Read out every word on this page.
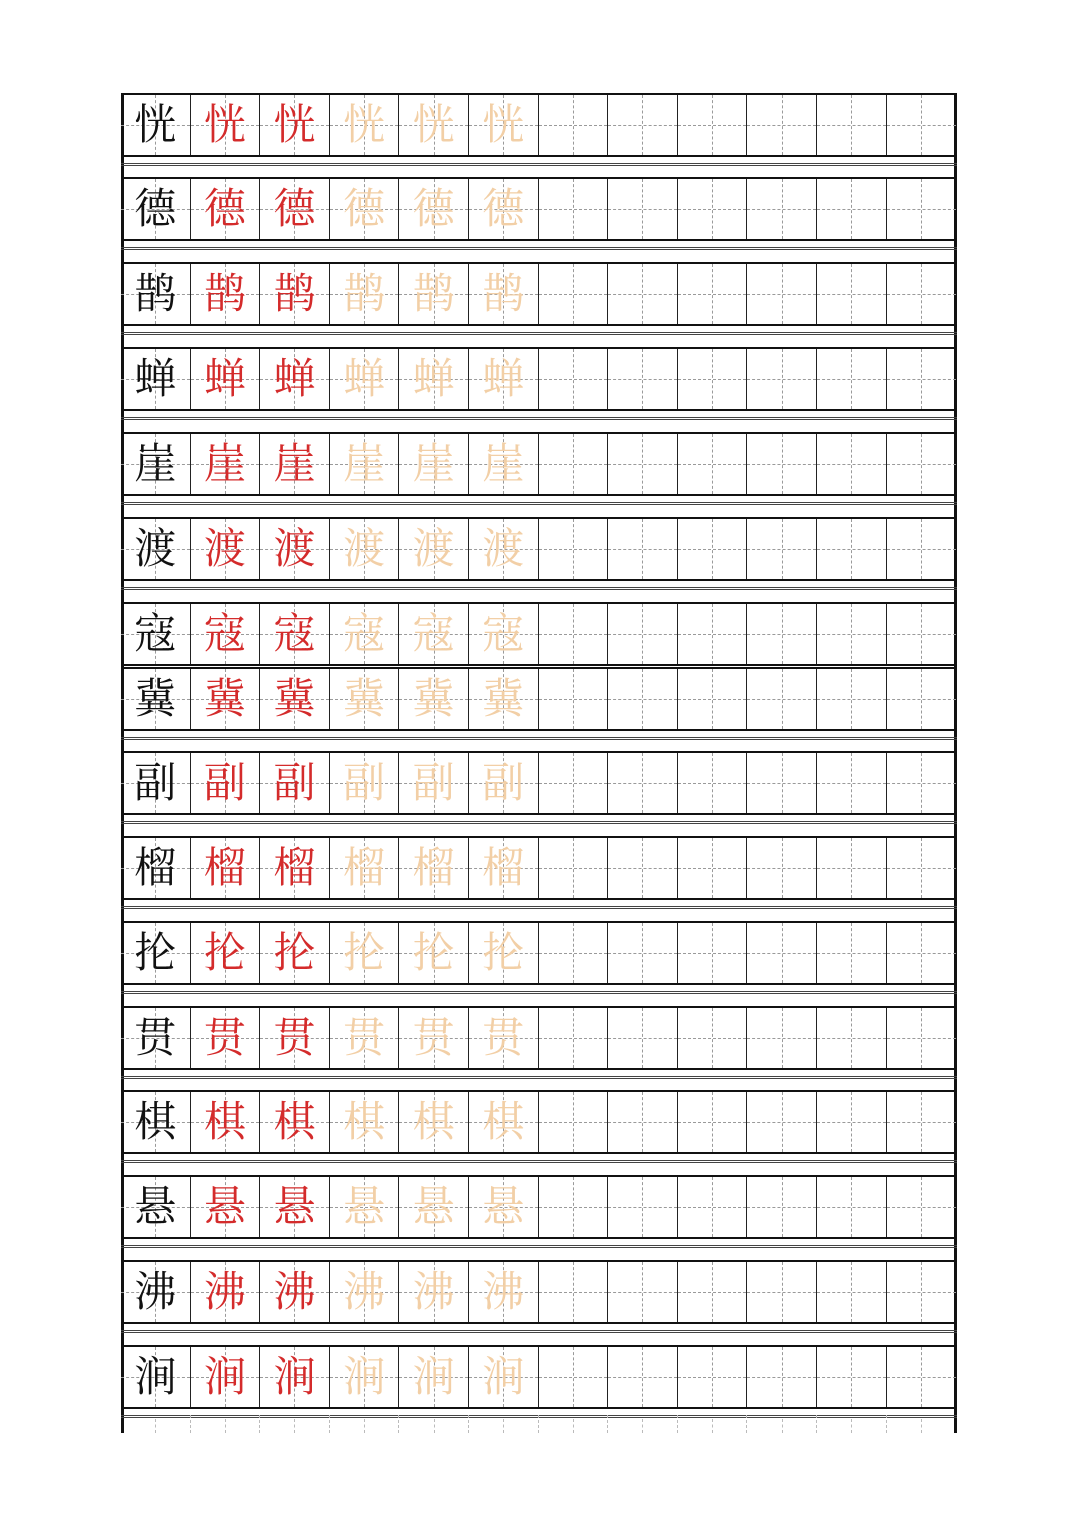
恍 恍 恍 恍 恍 恍
德 德 德 德 德 德
鹊 鹊 鹊 鹊 鹊 鹊
蝉 蝉 蝉 蝉 蝉 蝉
崖 崖 崖 崖 崖 崖
渡 渡 渡 渡 渡 渡
寇 寇 寇 寇 寇 寇
冀 冀 冀 冀 冀 冀
副 副 副 副 副 副
榴 榴 榴 榴 榴 榴
抡 抡 抡 抡 抡 抡
贯 贯 贯 贯 贯 贯
棋 棋 棋 棋 棋 棋
悬 悬 悬 悬 悬 悬
沸 沸 沸 沸 沸 沸
涧 涧 涧 涧 涧 涧
